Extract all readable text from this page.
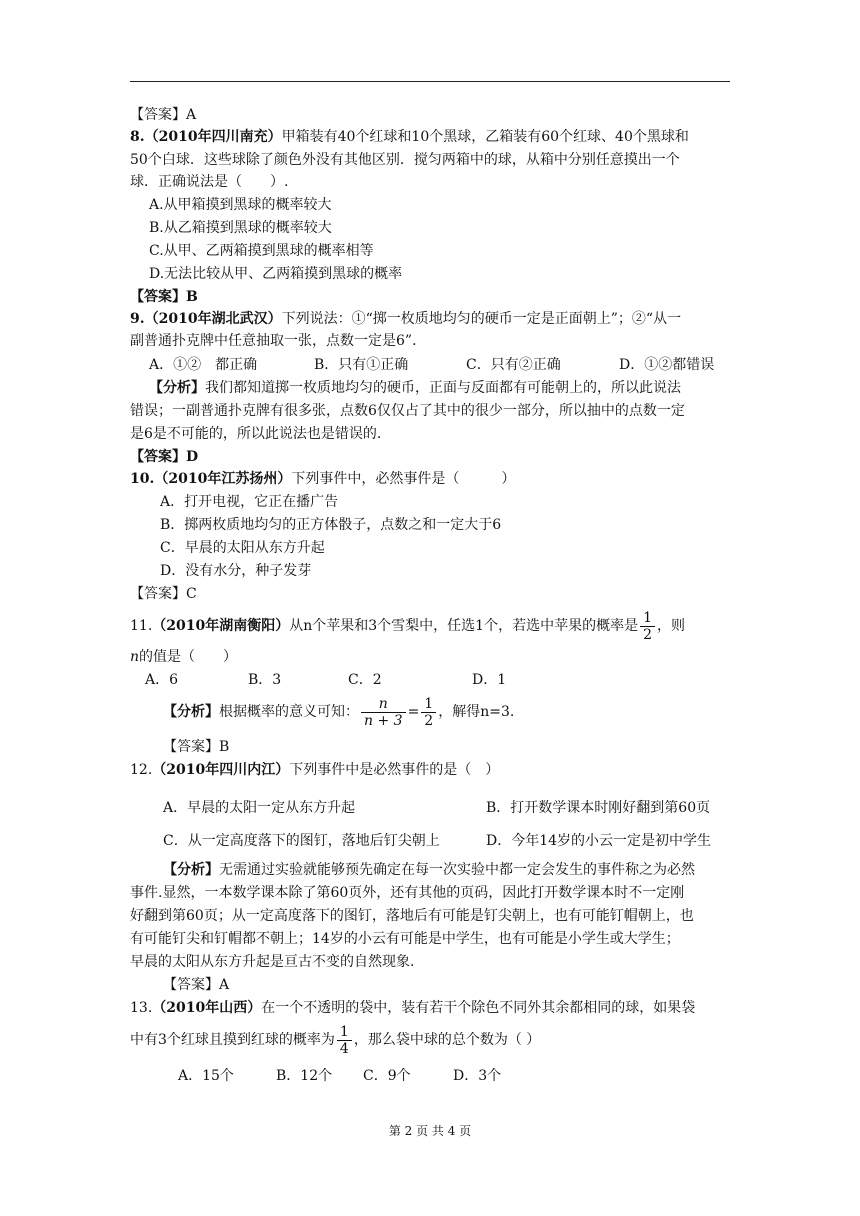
【答案】A
8.（2010年四川南充）甲箱装有40个红球和10个黑球，乙箱装有60个红球、40个黑球和
50个白球．这些球除了颜色外没有其他区别．搅匀两箱中的球，从箱中分别任意摸出一个
球．正确说法是（　　）.
A.从甲箱摸到黑球的概率较大
B.从乙箱摸到黑球的概率较大
C.从甲、乙两箱摸到黑球的概率相等
D.无法比较从甲、乙两箱摸到黑球的概率
【答案】B
9.（2010年湖北武汉）下列说法：①“掷一枚质地均匀的硬币一定是正面朝上”；②“从一
副普通扑克牌中任意抽取一张，点数一定是6”．
A．①②　都正确	B．只有①正确	C．只有②正确	D．①②都错误
【分析】我们都知道掷一枚质地均匀的硬币，正面与反面都有可能朝上的，所以此说法
错误；一副普通扑克牌有很多张，点数6仅仅占了其中的很少一部分，所以抽中的点数一定
是6是不可能的，所以此说法也是错误的.
【答案】D
10.（2010年江苏扬州）下列事件中，必然事件是（　　　）
A．打开电视，它正在播广告
B．掷两枚质地均匀的正方体骰子，点数之和一定大于6
C．早晨的太阳从东方升起
D．没有水分，种子发芽
【答案】C
11.（2010年湖南衡阳）从n个苹果和3个雪梨中，任选1个，若选中苹果的概率是 $\frac{1}{2}$ ，则
n的值是（　　）
A．6	B．3	C．2	D．1
【分析】根据概率的意义可知： $\frac{n}{n + 3} = \frac{1}{2}$ ，解得n=3.
【答案】B
12.（2010年四川内江）下列事件中是必然事件的是（　）
A．早晨的太阳一定从东方升起	B．打开数学课本时刚好翻到第60页
C．从一定高度落下的图钉，落地后钉尖朝上	D．今年14岁的小云一定是初中学生
【分析】无需通过实验就能够预先确定在每一次实验中都一定会发生的事件称之为必然
事件.显然，一本数学课本除了第60页外，还有其他的页码，因此打开数学课本时不一定刚
好翻到第60页；从一定高度落下的图钉，落地后有可能是钉尖朝上，也有可能钉帽朝上，也
有可能钉尖和钉帽都不朝上；14岁的小云有可能是中学生，也有可能是小学生或大学生；
早晨的太阳从东方升起是亘古不变的自然现象.
【答案】A
13.（2010年山西）在一个不透明的袋中，装有若干个除色不同外其余都相同的球，如果袋
中有3个红球且摸到红球的概率为 $\frac{1}{4}$ ，那么袋中球的总个数为（ ）
A．15个	B．12个 C．9个	D．3个
第 2 页 共 4 页
